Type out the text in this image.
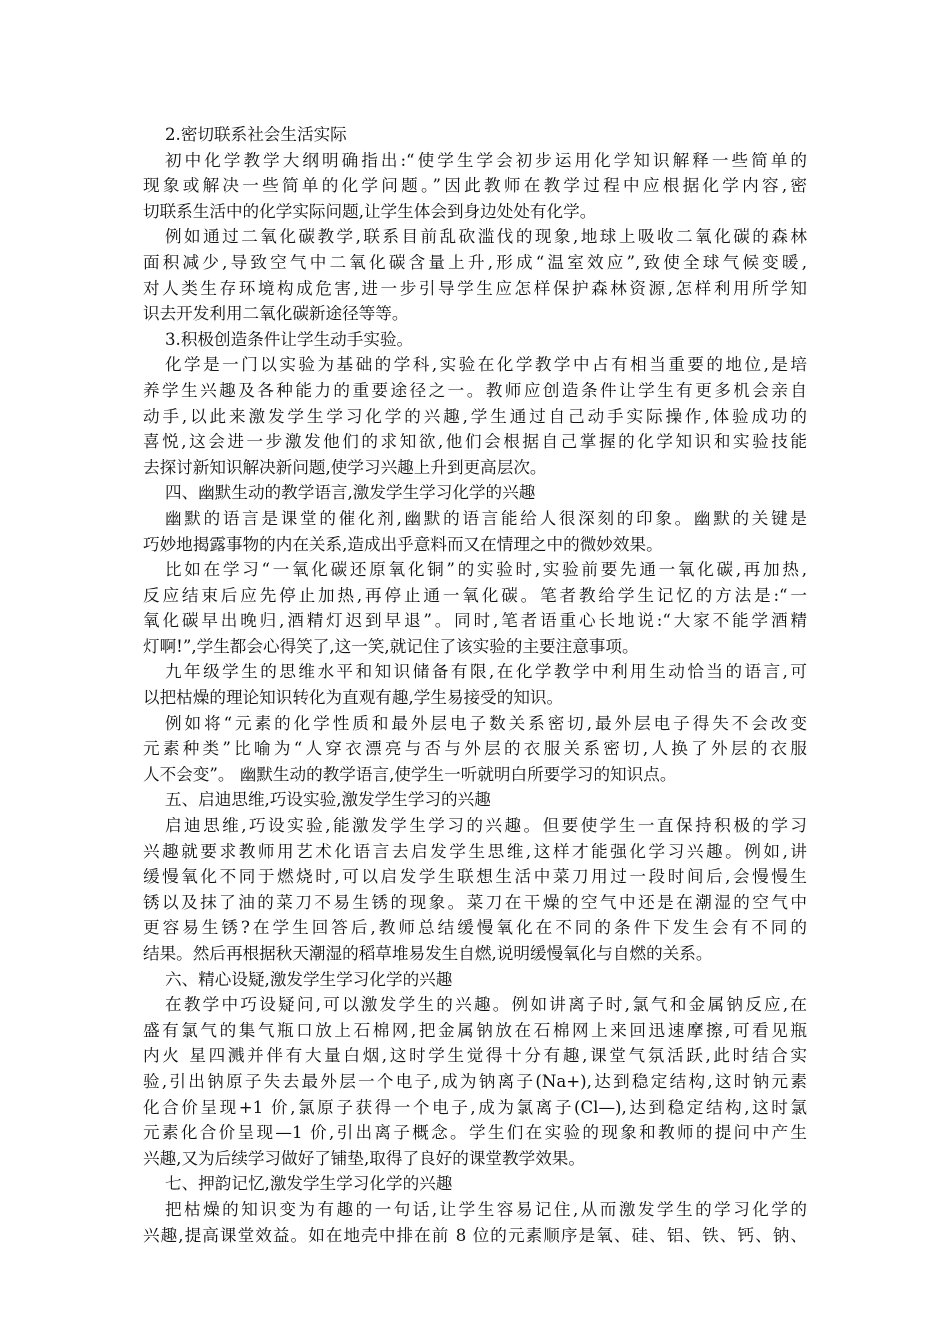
2.密切联系社会生活实际
初中化学教学大纲明确指出:“使学生学会初步运用化学知识解释一些简单的
现象或解决一些简单的化学问题。”因此教师在教学过程中应根据化学内容,密
切联系生活中的化学实际问题,让学生体会到身边处处有化学。
例如通过二氧化碳教学,联系目前乱砍滥伐的现象,地球上吸收二氧化碳的森林
面积减少,导致空气中二氧化碳含量上升,形成“温室效应”,致使全球气候变暖,
对人类生存环境构成危害,进一步引导学生应怎样保护森林资源,怎样利用所学知
识去开发利用二氧化碳新途径等等。
3.积极创造条件让学生动手实验。
化学是一门以实验为基础的学科,实验在化学教学中占有相当重要的地位,是培
养学生兴趣及各种能力的重要途径之一。教师应创造条件让学生有更多机会亲自
动手,以此来激发学生学习化学的兴趣,学生通过自己动手实际操作,体验成功的
喜悦,这会进一步激发他们的求知欲,他们会根据自己掌握的化学知识和实验技能
去探讨新知识解决新问题,使学习兴趣上升到更高层次。
四、幽默生动的教学语言,激发学生学习化学的兴趣
幽默的语言是课堂的催化剂,幽默的语言能给人很深刻的印象。幽默的关键是
巧妙地揭露事物的内在关系,造成出乎意料而又在情理之中的微妙效果。
比如在学习“一氧化碳还原氧化铜”的实验时,实验前要先通一氧化碳,再加热,
反应结束后应先停止加热,再停止通一氧化碳。笔者教给学生记忆的方法是:“一
氧化碳早出晚归,酒精灯迟到早退”。同时,笔者语重心长地说:“大家不能学酒精
灯啊!”,学生都会心得笑了,这一笑,就记住了该实验的主要注意事项。
九年级学生的思维水平和知识储备有限,在化学教学中利用生动恰当的语言,可
以把枯燥的理论知识转化为直观有趣,学生易接受的知识。
例如将“元素的化学性质和最外层电子数关系密切,最外层电子得失不会改变
元素种类”比喻为“人穿衣漂亮与否与外层的衣服关系密切,人换了外层的衣服
人不会变”。 幽默生动的教学语言,使学生一听就明白所要学习的知识点。
五、启迪思维,巧设实验,激发学生学习的兴趣
启迪思维,巧设实验,能激发学生学习的兴趣。但要使学生一直保持积极的学习
兴趣就要求教师用艺术化语言去启发学生思维,这样才能强化学习兴趣。例如,讲
缓慢氧化不同于燃烧时,可以启发学生联想生活中菜刀用过一段时间后,会慢慢生
锈以及抹了油的菜刀不易生锈的现象。菜刀在干燥的空气中还是在潮湿的空气中
更容易生锈?在学生回答后,教师总结缓慢氧化在不同的条件下发生会有不同的
结果。然后再根据秋天潮湿的稻草堆易发生自燃,说明缓慢氧化与自燃的关系。
六、精心设疑,激发学生学习化学的兴趣
在教学中巧设疑问,可以激发学生的兴趣。例如讲离子时,氯气和金属钠反应,在
盛有氯气的集气瓶口放上石棉网,把金属钠放在石棉网上来回迅速摩擦,可看见瓶
内火 星四溅并伴有大量白烟,这时学生觉得十分有趣,课堂气氛活跃,此时结合实
验,引出钠原子失去最外层一个电子,成为钠离子(Na+),达到稳定结构,这时钠元素
化合价呈现+1 价,氯原子获得一个电子,成为氯离子(Cl—),达到稳定结构,这时氯
元素化合价呈现—1 价,引出离子概念。学生们在实验的现象和教师的提问中产生
兴趣,又为后续学习做好了铺垫,取得了良好的课堂教学效果。
七、押韵记忆,激发学生学习化学的兴趣
把枯燥的知识变为有趣的一句话,让学生容易记住,从而激发学生的学习化学的
兴趣,提高课堂效益。如在地壳中排在前 8 位的元素顺序是氧、硅、铝、铁、钙、钠、
